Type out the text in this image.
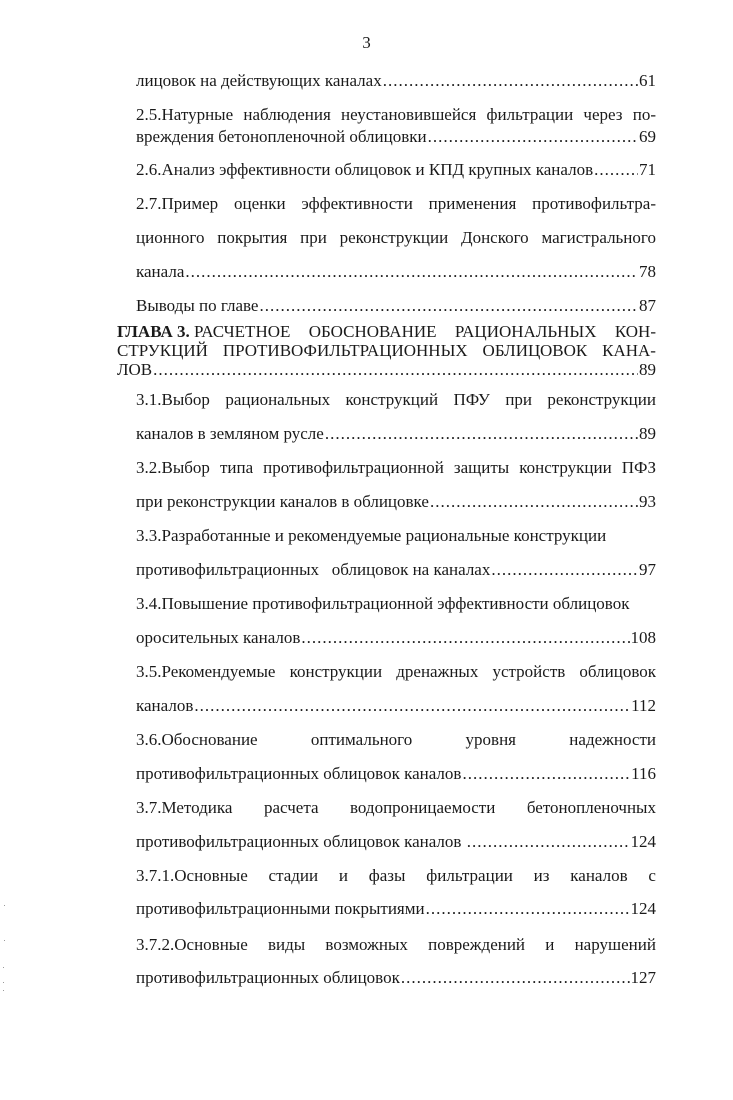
3
лицовок на действующих каналах .....	61
2.5.Натурные наблюдения неустановившейся фильтрации через по-
вреждения бетонопленочной облицовки .....	69
2.6.Анализ эффективности облицовок и КПД крупных каналов .....	71
2.7.Пример оценки эффективности применения противофильтра-
ционного покрытия при реконструкции Донского магистрального
канала .....	78
Выводы по главе .....	87
ГЛАВА 3. РАСЧЕТНОЕ ОБОСНОВАНИЕ РАЦИОНАЛЬНЫХ КОН-
СТРУКЦИЙ ПРОТИВОФИЛЬТРАЦИОННЫХ ОБЛИЦОВОК КАНА-
ЛОВ .....	89
3.1.Выбор рациональных конструкций ПФУ при реконструкции
каналов в земляном русле .....	89
3.2.Выбор типа противофильтрационной защиты конструкции ПФЗ
при реконструкции каналов в облицовке .....	93
3.3.Разработанные и рекомендуемые рациональные конструкции
противофильтрационных   облицовок на каналах .....	97
3.4.Повышение противофильтрационной эффективности облицовок
оросительных каналов .....	108
3.5.Рекомендуемые конструкции дренажных устройств облицовок
каналов .....	112
3.6.Обоснование	оптимального	уровня	надежности
противофильтрационных облицовок каналов .....	116
3.7.Методика расчета водопроницаемости бетонопленочных
противофильтрационных облицовок каналов .....	124
3.7.1.Основные стадии и фазы фильтрации из каналов с
противофильтрационными покрытиями .....	124
3.7.2.Основные виды возможных повреждений и нарушений
противофильтрационных облицовок .....	127
